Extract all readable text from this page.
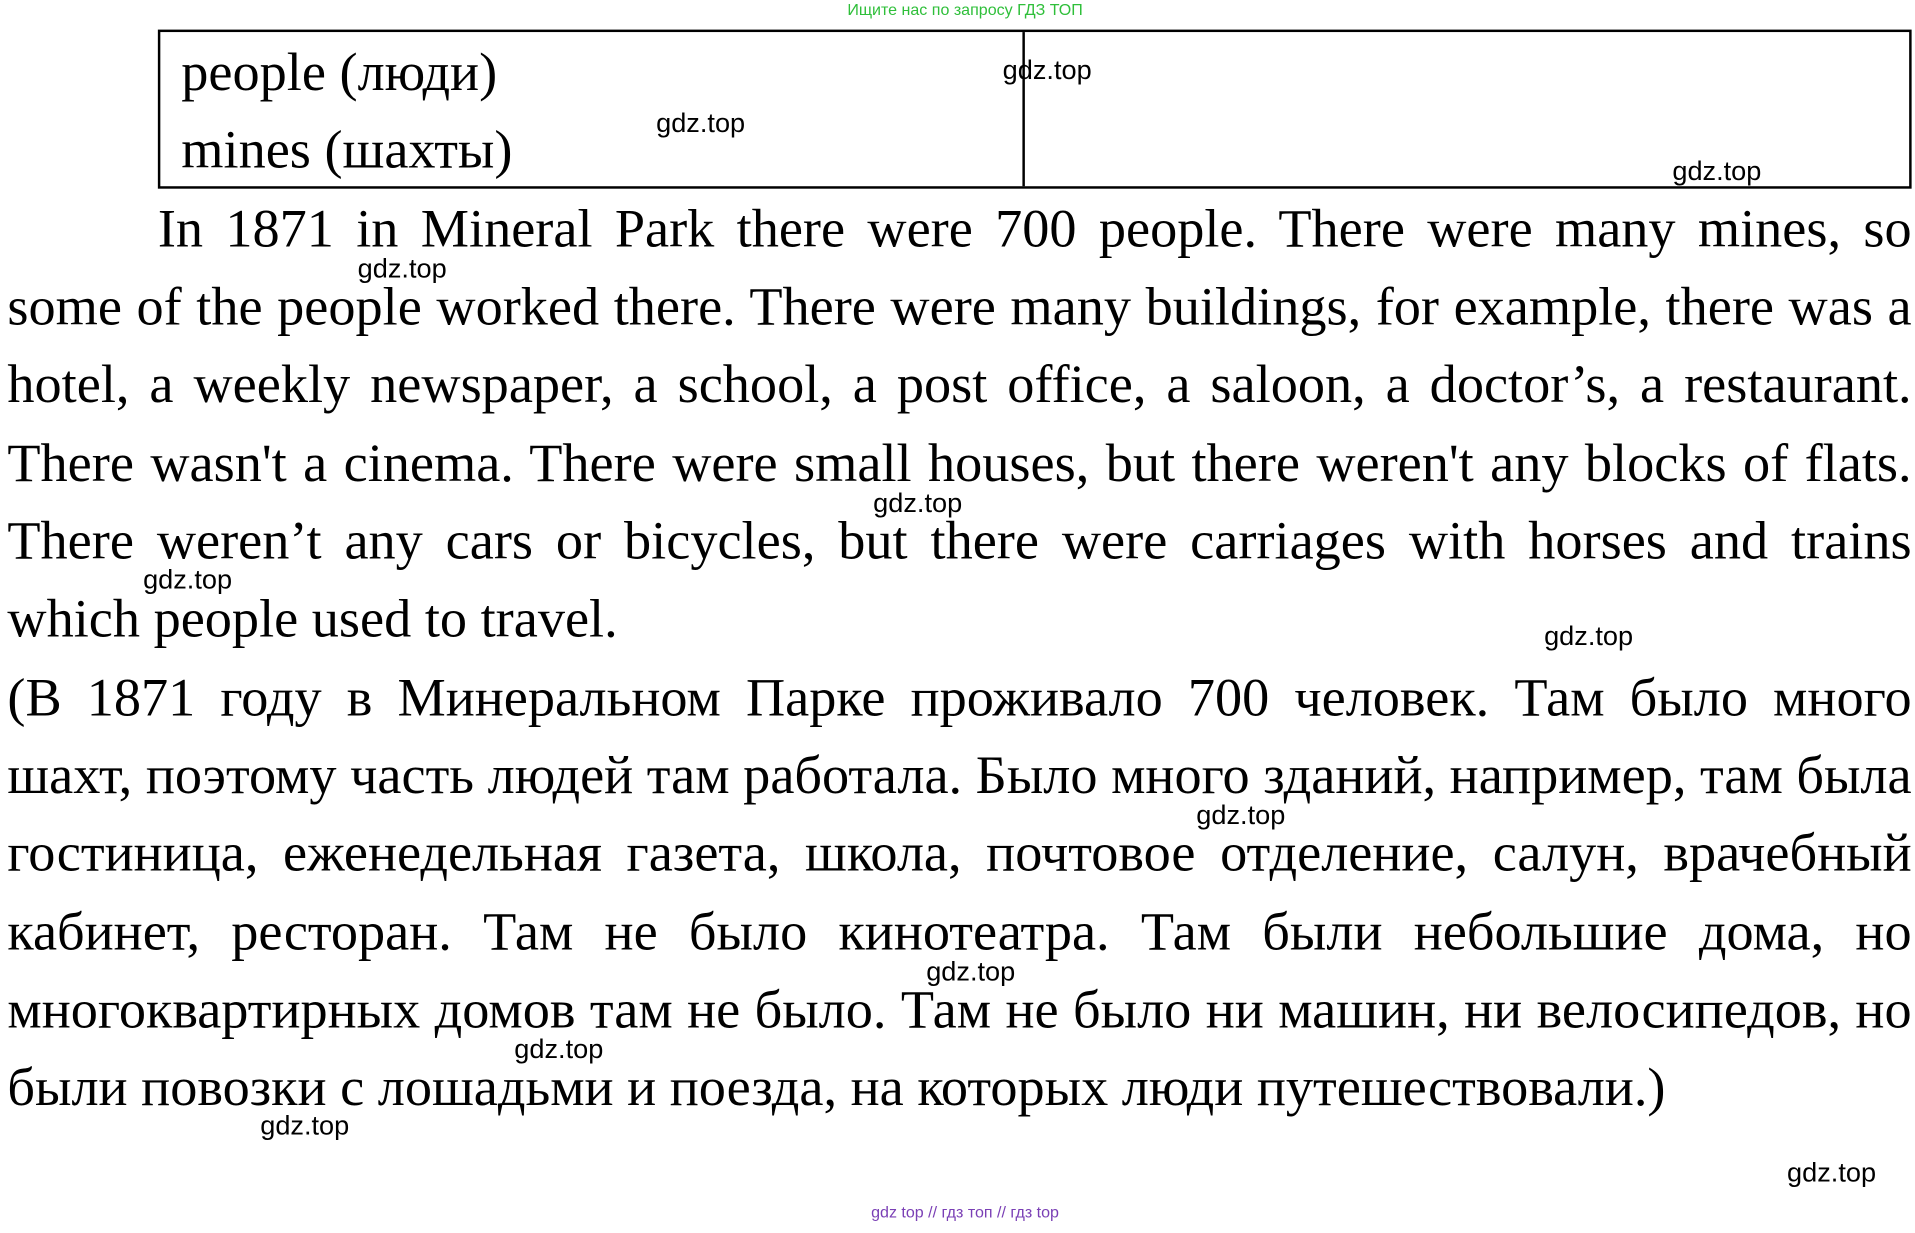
Ищите нас по запросу ГДЗ ТОП
people (люди)
mines (шахты)

In 1871 in Mineral Park there were 700 people. There were many mines, so some of the people worked there. There were many buildings, for example, there was a hotel, a weekly newspaper, a school, a post office, a saloon, a doctor’s, a restaurant. There wasn't a cinema. There were small houses, but there weren't any blocks of flats. There weren’t any cars or bicycles, but there were carriages with horses and trains which people used to travel.

(В 1871 году в Минеральном Парке проживало 700 человек. Там было много шахт, поэтому часть людей там работала. Было много зданий, например, там была гостиница, еженедельная газета, школа, почтовое отделение, салун, врачебный кабинет, ресторан. Там не было кинотеатра. Там были небольшие дома, но многоквартирных домов там не было. Там не было ни машин, ни велосипедов, но были повозки с лошадьми и поезда, на которых люди путешествовали.)

gdz.top
gdz.top
gdz.top
gdz.top
gdz.top
gdz.top
gdz.top
gdz.top
gdz.top
gdz.top
gdz.top
gdz.top
gdz top // гдз топ // гдз top
